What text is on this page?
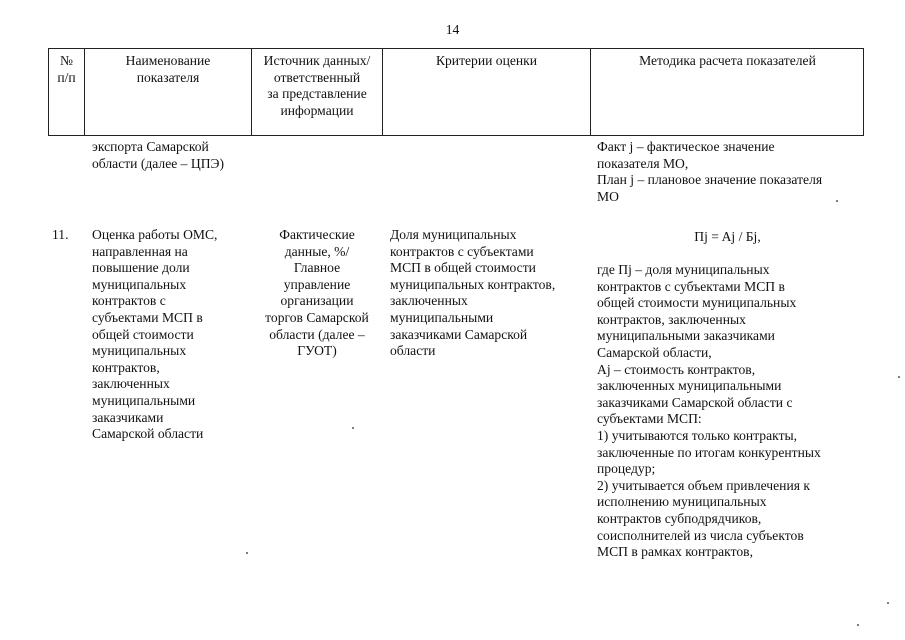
14
№
п/п
Наименование
показателя
Источник данных/
ответственный
за представление
информации
Критерии оценки	Методика расчета показателей
экспорта Самарской
области (далее – ЦПЭ)
Факт j – фактическое значение
показателя МО,
План j – плановое значение показателя
МО
11.	Оценка работы ОМС,
направленная на
повышение доли
муниципальных
контрактов с
субъектами МСП в
общей стоимости
муниципальных
контрактов,
заключенных
муниципальными
заказчиками
Самарской области
Фактические
данные, %/
Главное
управление
организации
торгов Самарской
области (далее –
ГУОТ)
Доля муниципальных
контрактов с субъектами
МСП в общей стоимости
муниципальных контрактов,
заключенных
муниципальными
заказчиками Самарской
области
Пj = Aj / Бj,
где Пj – доля муниципальных
контрактов с субъектами МСП в
общей стоимости муниципальных
контрактов, заключенных
муниципальными заказчиками
Самарской области,
Aj – стоимость контрактов,
заключенных муниципальными
заказчиками Самарской области с
субъектами МСП:
1) учитываются только контракты,
заключенные по итогам конкурентных
процедур;
2) учитывается объем привлечения к
исполнению муниципальных
контрактов субподрядчиков,
соисполнителей из числа субъектов
МСП в рамках контрактов,
